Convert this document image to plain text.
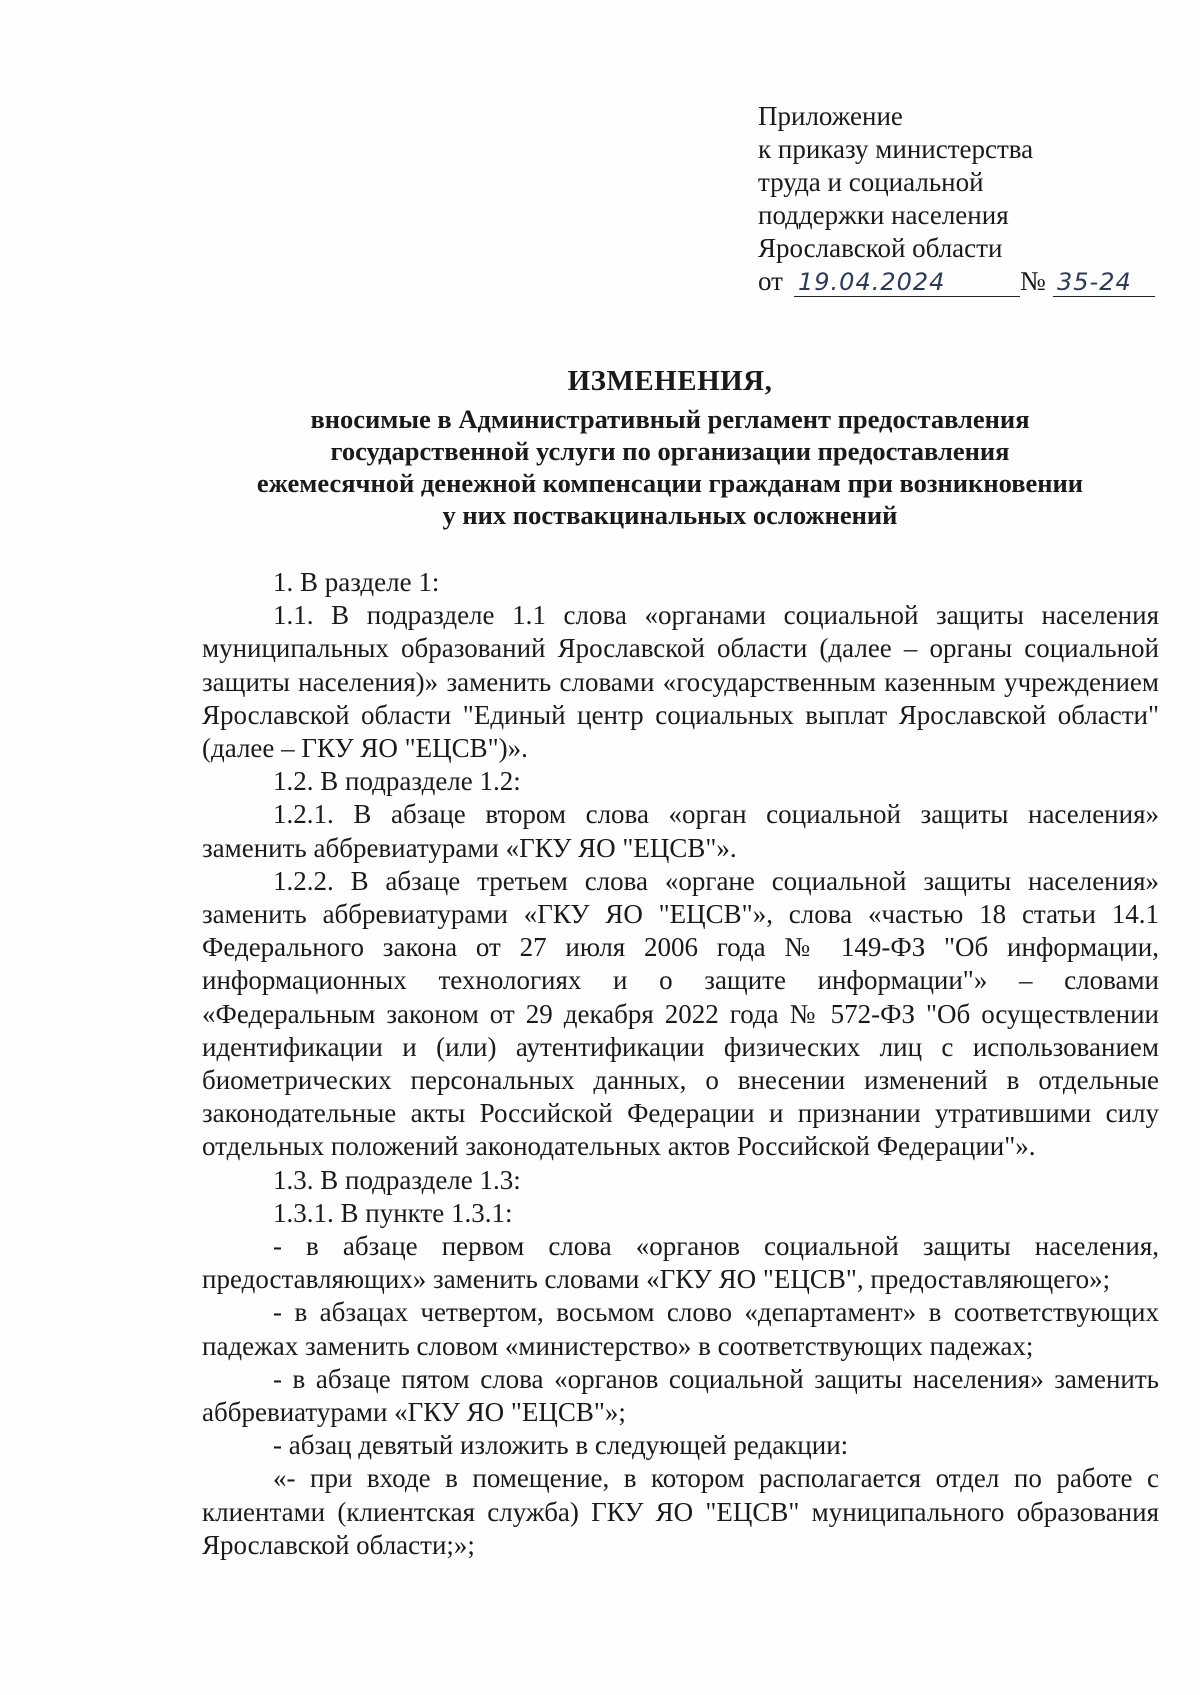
Приложение
к приказу министерства
труда и социальной
поддержки населения
Ярославской области
от 19.04.2024	№ 35-24
ИЗМЕНЕНИЯ,
вносимые в Административный регламент предоставления
государственной услуги по организации предоставления
ежемесячной денежной компенсации гражданам при возникновении
у них поствакцинальных осложнений

1. В разделе 1:

1.1. В подразделе 1.1 слова «органами социальной защиты населения муниципальных образований Ярославской области (далее – органы социальной защиты населения)» заменить словами «государственным казенным учреждением Ярославской области "Единый центр социальных выплат Ярославской области" (далее – ГКУ ЯО "ЕЦСВ")».

1.2. В подразделе 1.2:

1.2.1. В абзаце втором слова «орган социальной защиты населения» заменить аббревиатурами «ГКУ ЯО "ЕЦСВ"».

1.2.2. В абзаце третьем слова «органе социальной защиты населения» заменить аббревиатурами «ГКУ ЯО "ЕЦСВ"», слова «частью 18 статьи 14.1 Федерального закона от 27 июля 2006 года № 149-ФЗ "Об информации, информационных технологиях и о защите информации"» – словами «Федеральным законом от 29 декабря 2022 года № 572-ФЗ "Об осуществлении идентификации и (или) аутентификации физических лиц с использованием биометрических персональных данных, о внесении изменений в отдельные законодательные акты Российской Федерации и признании утратившими силу отдельных положений законодательных актов Российской Федерации"».

1.3. В подразделе 1.3:

1.3.1. В пункте 1.3.1:

- в абзаце первом слова «органов социальной защиты населения, предоставляющих» заменить словами «ГКУ ЯО "ЕЦСВ", предоставляющего»;

- в абзацах четвертом, восьмом слово «департамент» в соответствующих падежах заменить словом «министерство» в соответствующих падежах;

- в абзаце пятом слова «органов социальной защиты населения» заменить аббревиатурами «ГКУ ЯО "ЕЦСВ"»;

- абзац девятый изложить в следующей редакции:

«- при входе в помещение, в котором располагается отдел по работе с клиентами (клиентская служба) ГКУ ЯО "ЕЦСВ" муниципального образования Ярославской области;»;
